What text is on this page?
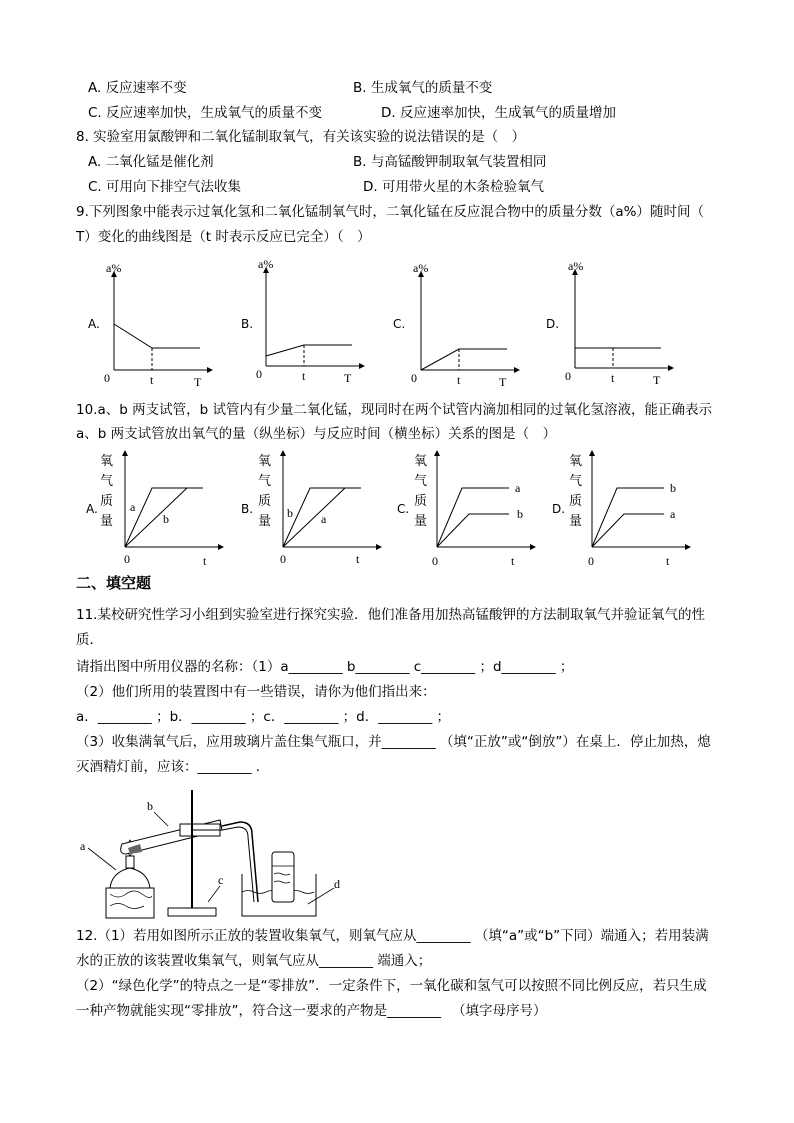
A. 反应速率不变	B. 生成氧气的质量不变
C. 反应速率加快，生成氧气的质量不变	D. 反应速率加快，生成氧气的质量增加
8. 实验室用氯酸钾和二氧化锰制取氧气，有关该实验的说法错误的是（　）
A. 二氧化锰是催化剂	B. 与高锰酸钾制取氧气装置相同
C. 可用向下排空气法收集	D. 可用带火星的木条检验氧气
9.下列图象中能表示过氧化氢和二氧化锰制氧气时，二氧化锰在反应混合物中的质量分数（a%）随时间（
T）变化的曲线图是（t 时表示反应已完全）（　）
A.
a%
0	t	T
B.
a%
0	t	T
C.
a%
0	t	T
D.
a%
0	t	T
10.a、b 两支试管，b 试管内有少量二氧化锰，现同时在两个试管内滴加相同的过氧化氢溶液，能正确表示
a、b 两支试管放出氧气的量（纵坐标）与反应时间（横坐标）关系的图是（　）
A.
氧
气
质
量
a
b
0	t
B.
氧
气
质
量
b a
0	t
C.
氧
气
质
量
a
b
0	t
D.
氧
气
质
量
b
a
0	t
二、填空题
11.某校研究性学习小组到实验室进行探究实验．他们准备用加热高锰酸钾的方法制取氧气并验证氧气的性
质．
请指出图中所用仪器的名称：（1）a________ b________ c________ ；d________ ；
（2）他们所用的装置图中有一些错误，请你为他们指出来：
a．________ ；b．________ ；c．________ ；d．________ ；
（3）收集满氧气后，应用玻璃片盖住集气瓶口，并________ （填“正放”或“倒放”）在桌上．停止加热，熄
灭酒精灯前，应该：________ ．
a
b
c	d
12.（1）若用如图所示正放的装置收集氧气，则氧气应从________ （填“a”或“b”下同）端通入；若用装满
水的正放的该装置收集氧气，则氧气应从________ 端通入；
（2）“绿色化学”的特点之一是“零排放”．一定条件下，一氧化碳和氢气可以按照不同比例反应，若只生成
一种产物就能实现“零排放”，符合这一要求的产物是________ 　（填字母序号）
